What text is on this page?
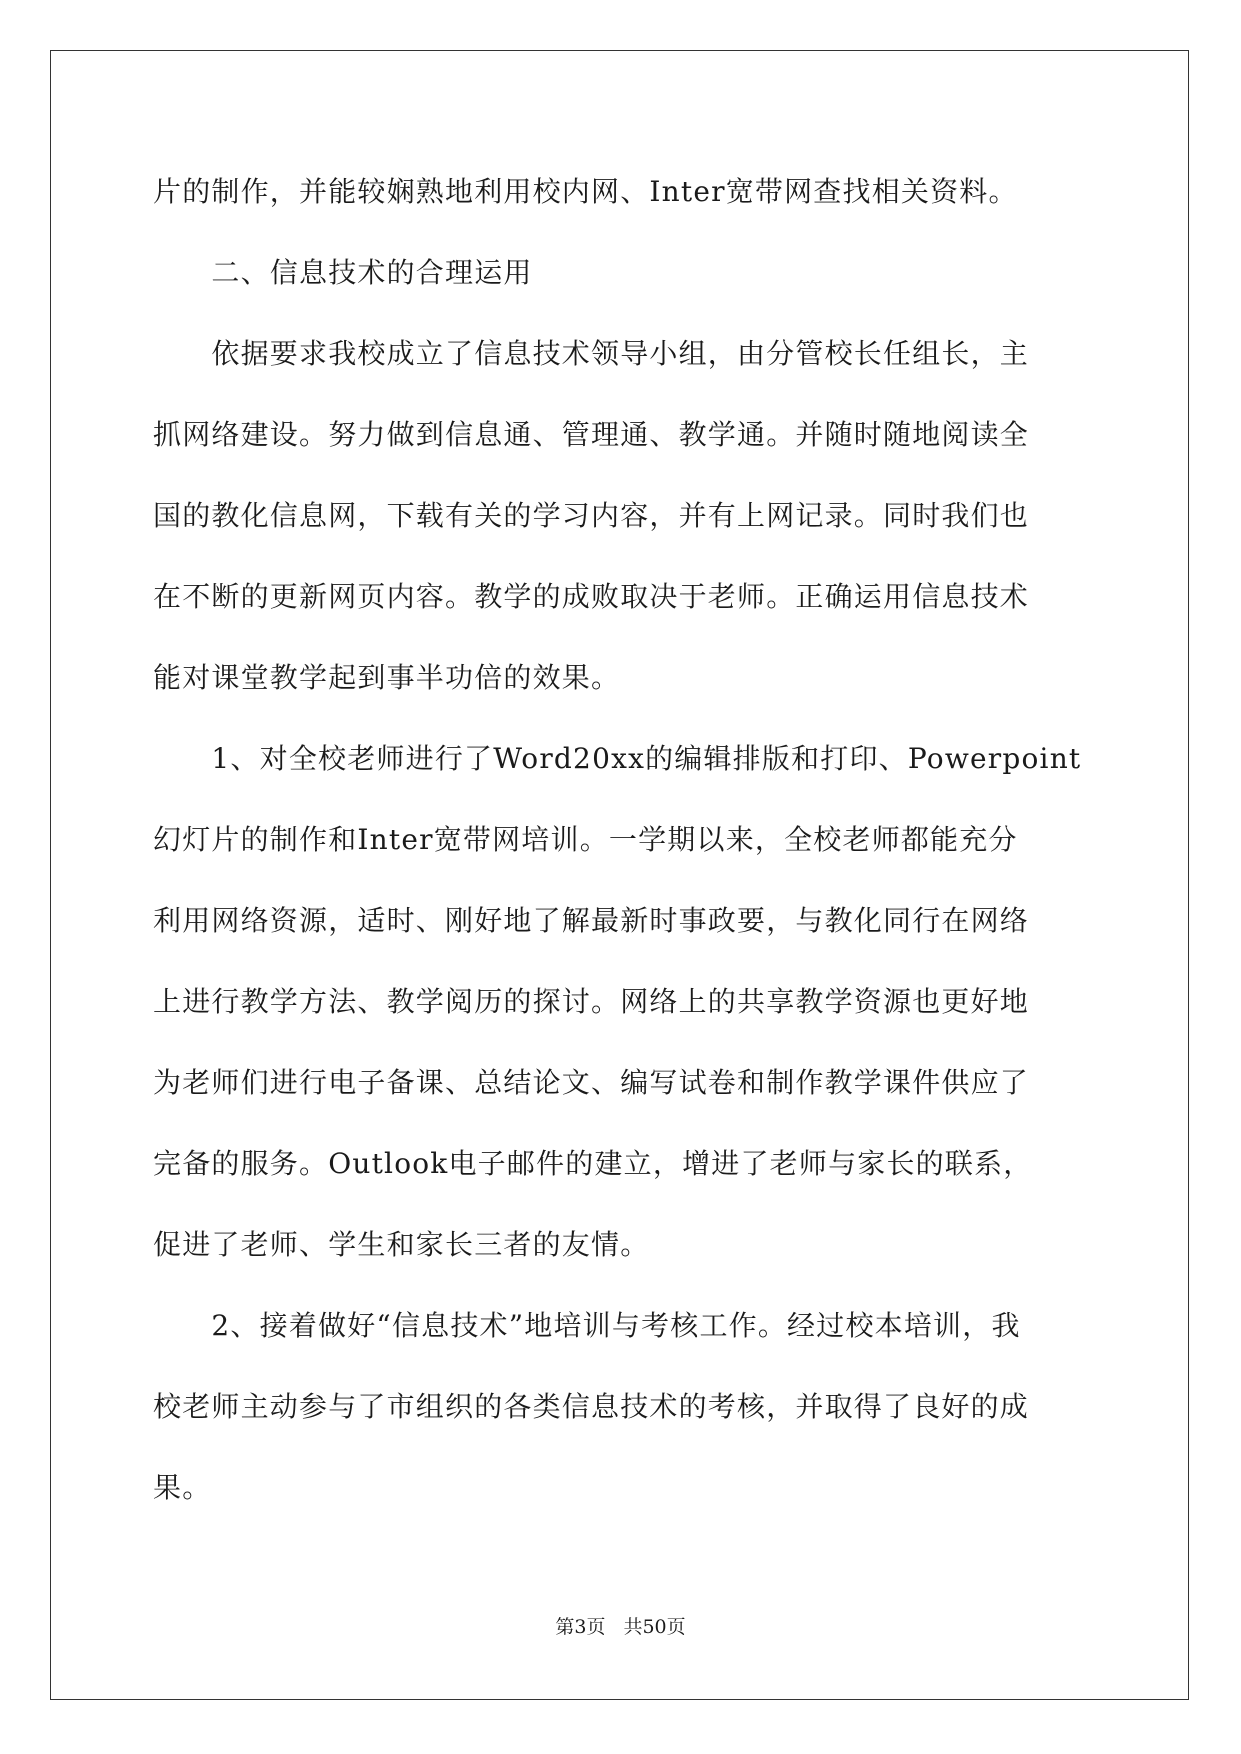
片的制作，并能较娴熟地利用校内网、Inter宽带网查找相关资料。
　　二、信息技术的合理运用
　　依据要求我校成立了信息技术领导小组，由分管校长任组长，主
抓网络建设。努力做到信息通、管理通、教学通。并随时随地阅读全
国的教化信息网，下载有关的学习内容，并有上网记录。同时我们也
在不断的更新网页内容。教学的成败取决于老师。正确运用信息技术
能对课堂教学起到事半功倍的效果。
　　1、对全校老师进行了Word20xx的编辑排版和打印、Powerpoint
幻灯片的制作和Inter宽带网培训。一学期以来，全校老师都能充分
利用网络资源，适时、刚好地了解最新时事政要，与教化同行在网络
上进行教学方法、教学阅历的探讨。网络上的共享教学资源也更好地
为老师们进行电子备课、总结论文、编写试卷和制作教学课件供应了
完备的服务。Outlook电子邮件的建立，增进了老师与家长的联系，
促进了老师、学生和家长三者的友情。
　　2、接着做好“信息技术”地培训与考核工作。经过校本培训，我
校老师主动参与了市组织的各类信息技术的考核，并取得了良好的成
果。
第3页 共50页
